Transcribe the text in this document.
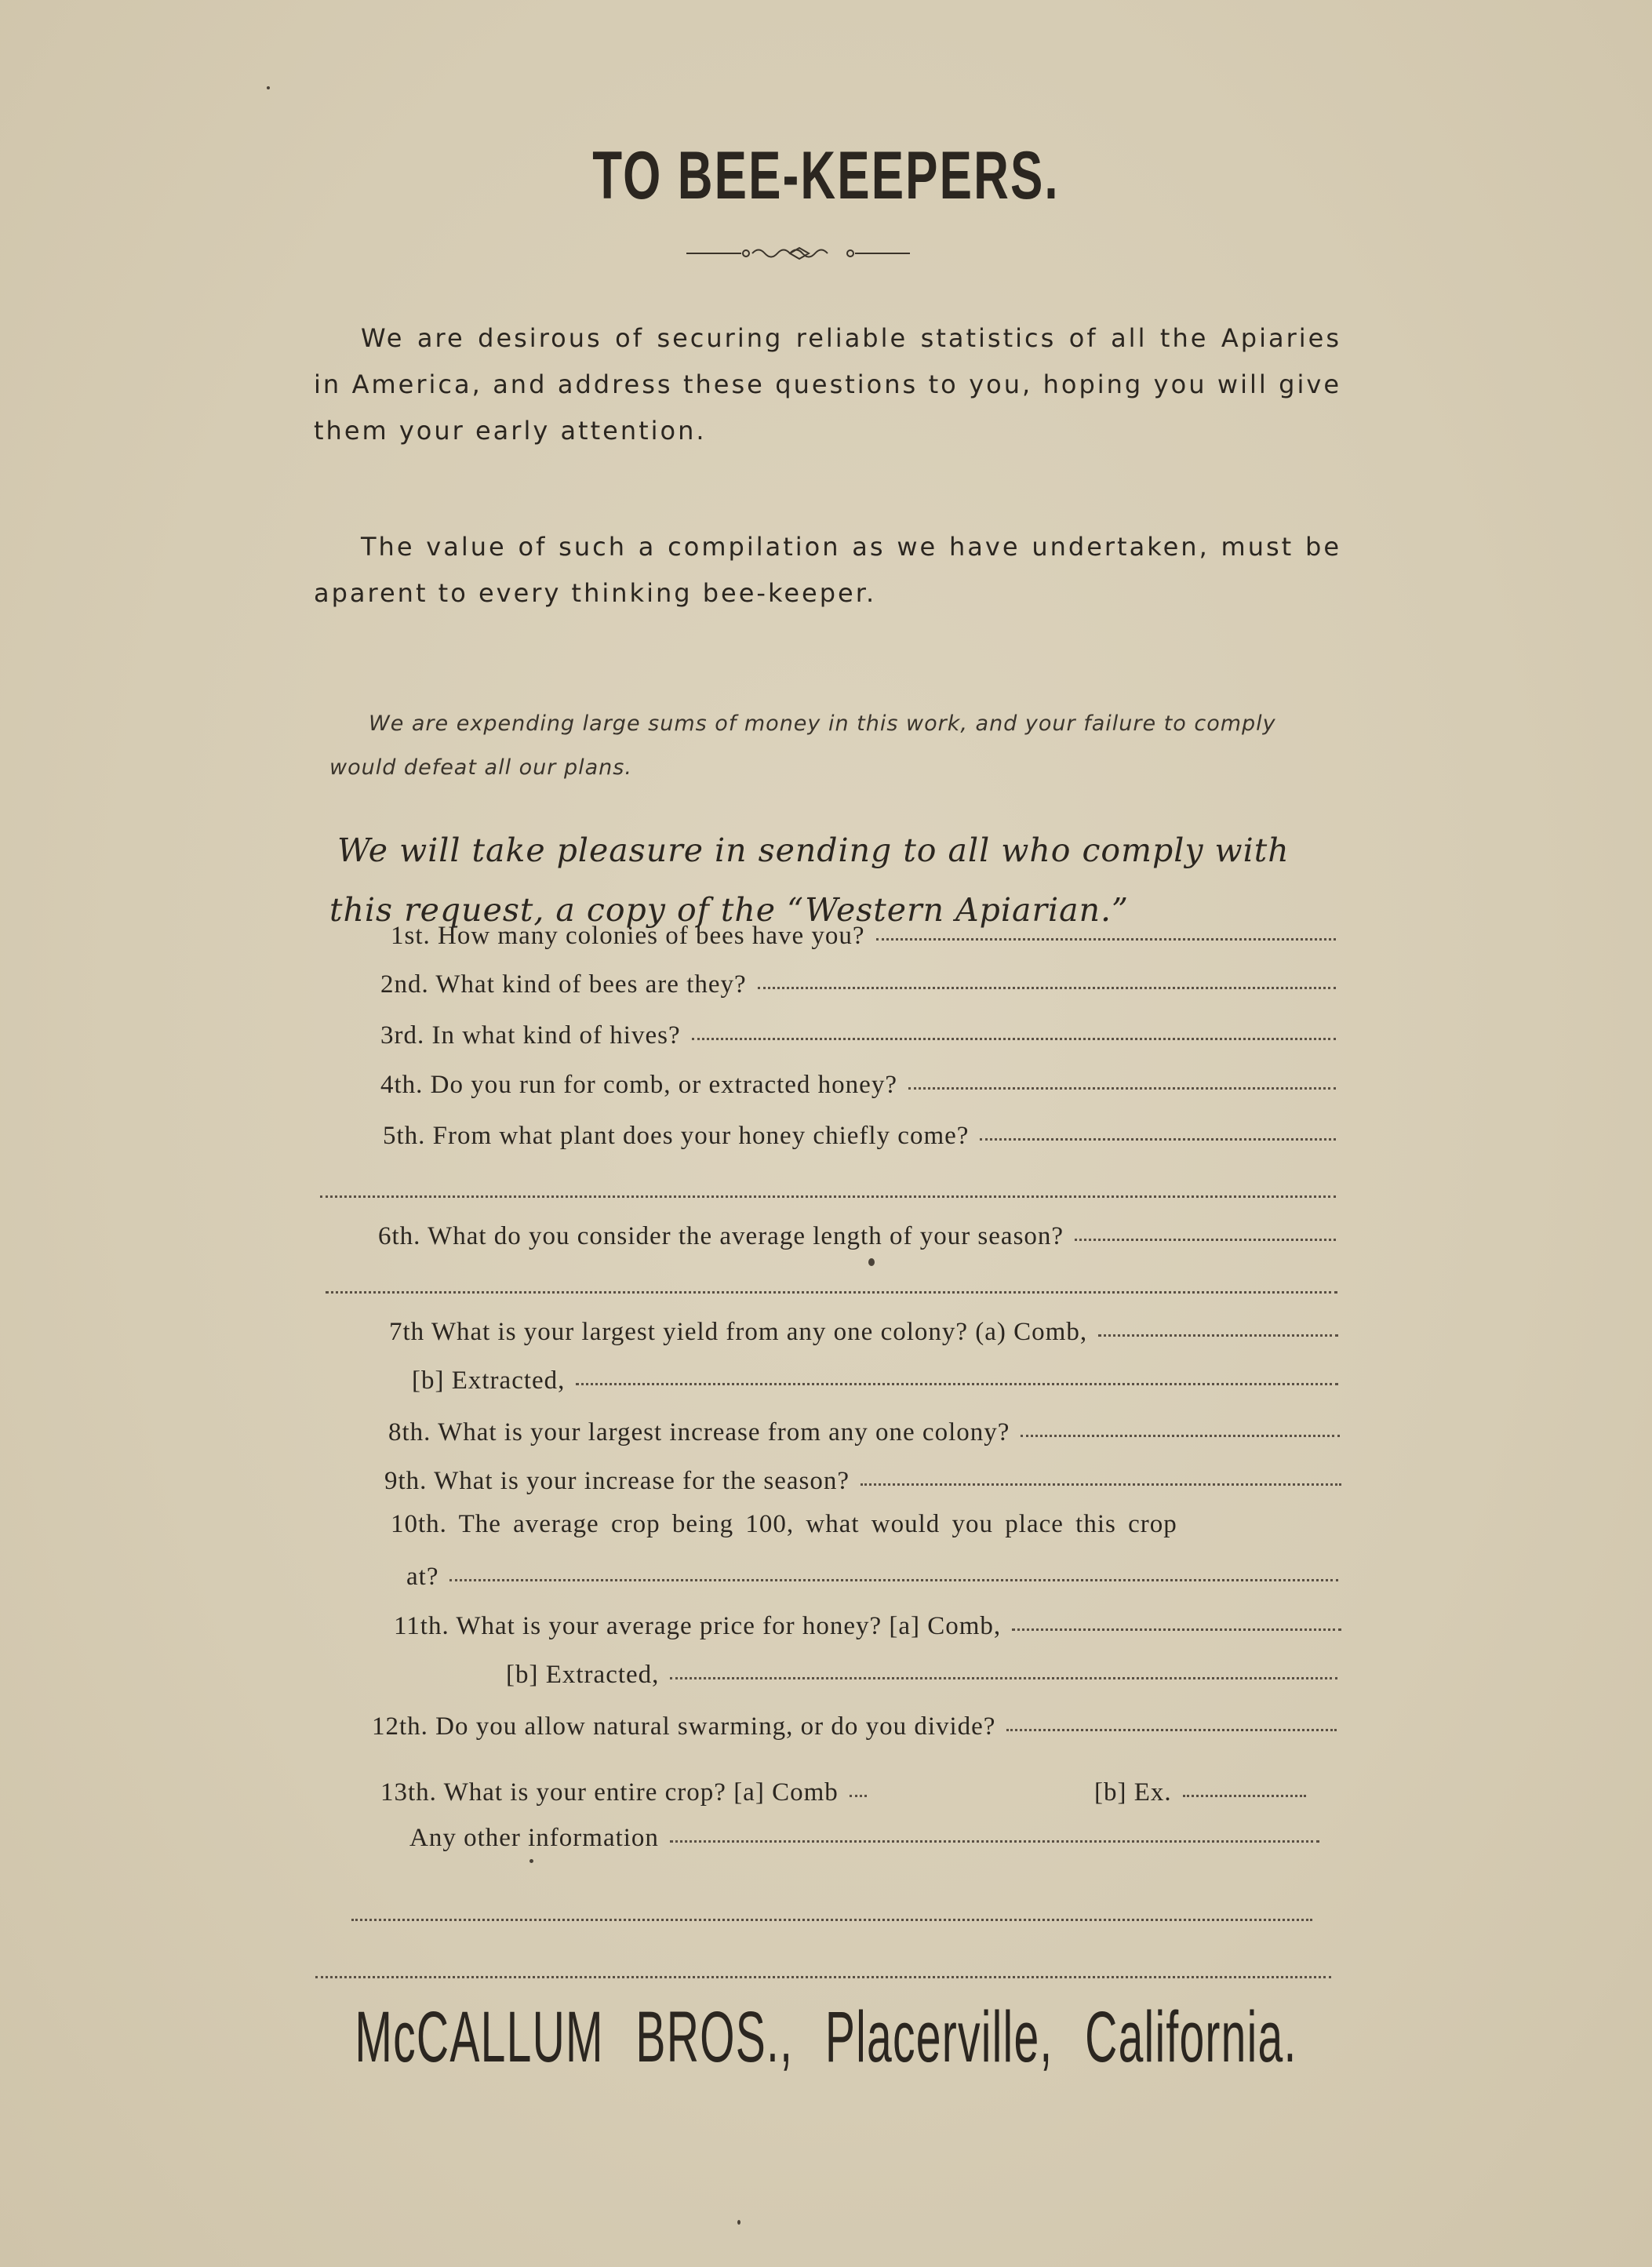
TO BEE-KEEPERS.

We are desirous of securing reliable statistics of all the Apiaries in America, and address these questions to you, hoping you will give them your early attention.

The value of such a compilation as we have undertaken, must be aparent to every thinking bee-keeper.

We are expending large sums of money in this work, and your failure to comply would defeat all our plans.

We will take pleasure in sending to all who comply with this request, a copy of the “Western Apiarian.”

1st. How many colonies of bees have you?
2nd. What kind of bees are they?
3rd. In what kind of hives?
4th. Do you run for comb, or extracted honey?
5th. From what plant does your honey chiefly come?
6th. What do you consider the average length of your season?
7th What is your largest yield from any one colony? (a) Comb,
[b] Extracted,
8th. What is your largest increase from any one colony?
9th. What is your increase for the season?
10th. The average crop being 100, what would you place this crop
at?
11th. What is your average price for honey? [a] Comb,
[b] Extracted,
12th. Do you allow natural swarming, or do you divide?
13th. What is your entire crop? [a] Comb	[b] Ex.
Any other information
McCALLUM BROS., Placerville, California.
